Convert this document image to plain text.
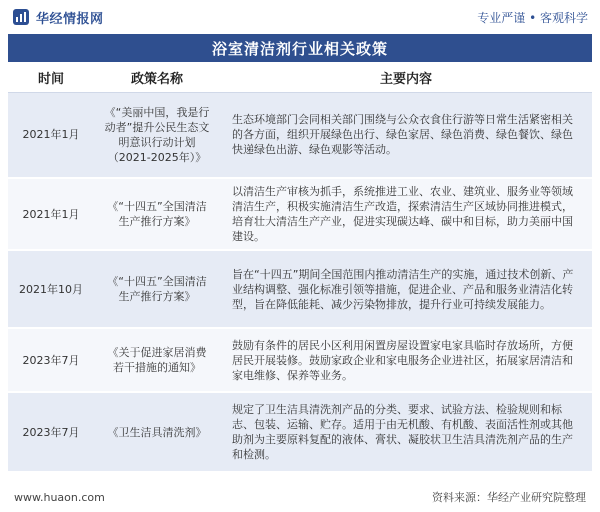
华经情报网	专业严谨 • 客观科学
浴室清洁剂行业相关政策
时间	政策名称	主要内容
2021年1月	《“美丽中国，我是行动者”提升公民生态文明意识行动计划（2021-2025年）》	生态环境部门会同相关部门围绕与公众衣食住行游等日常生活紧密相关的各方面，组织开展绿色出行、绿色家居、绿色消费、绿色餐饮、绿色快递绿色出游、绿色观影等活动。
2021年1月	《“十四五”全国清洁生产推行方案》	以清洁生产审核为抓手，系统推进工业、农业、建筑业、服务业等领域清洁生产，积极实施清洁生产改造，探索清洁生产区域协同推进模式，培育壮大清洁生产产业，促进实现碳达峰、碳中和目标，助力美丽中国建设。
2021年10月	《“十四五”全国清洁生产推行方案》	旨在“十四五”期间全国范围内推动清洁生产的实施，通过技术创新、产业结构调整、强化标准引领等措施，促进企业、产品和服务业清洁化转型，旨在降低能耗、减少污染物排放，提升行业可持续发展能力。
2023年7月	《关于促进家居消费若干措施的通知》	鼓励有条件的居民小区利用闲置房屋设置家电家具临时存放场所，方便居民开展装修。鼓励家政企业和家电服务企业进社区，拓展家居清洁和家电维修、保养等业务。
2023年7月	《卫生洁具清洗剂》	规定了卫生洁具清洗剂产品的分类、要求、试验方法、检验规则和标志、包装、运输、贮存。适用于由无机酸、有机酸、表面活性剂或其他助剂为主要原料复配的液体、膏状、凝胶状卫生洁具清洗剂产品的生产和检测。
www.huaon.com	资料来源：华经产业研究院整理
